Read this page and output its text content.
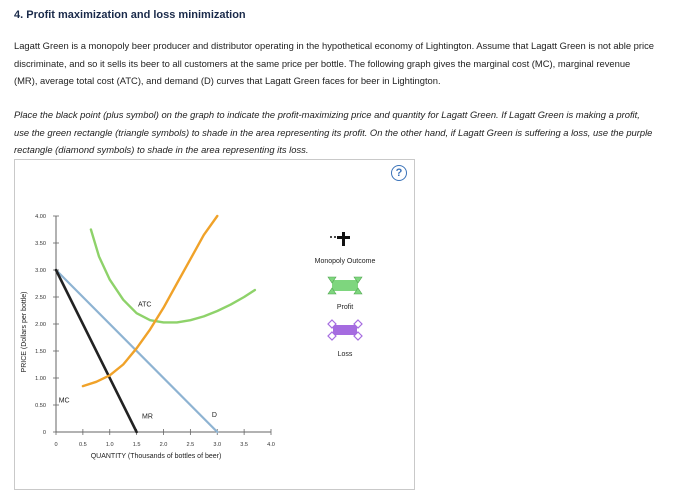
4. Profit maximization and loss minimization
Lagatt Green is a monopoly beer producer and distributor operating in the hypothetical economy of Lightington. Assume that Lagatt Green is not able price discriminate, and so it sells its beer to all customers at the same price per bottle. The following graph gives the marginal cost (MC), marginal revenue (MR), average total cost (ATC), and demand (D) curves that Lagatt Green faces for beer in Lightington.
Place the black point (plus symbol) on the graph to indicate the profit-maximizing price and quantity for Lagatt Green. If Lagatt Green is making a profit, use the green rectangle (triangle symbols) to shade in the area representing its profit. On the other hand, if Lagatt Green is suffering a loss, use the purple rectangle (diamond symbols) to shade in the area representing its loss.
?
0
0.50
1.00
1.50
2.00
2.50
3.00
3.50
4.00
0	0.5	1.0	1.5	2.0	2.5	3.0	3.5	4.0
D
MR
MC
ATC
PRICE (Dollars per bottle)
QUANTITY (Thousands of bottles of beer)
Monopoly Outcome
Profit
Loss
